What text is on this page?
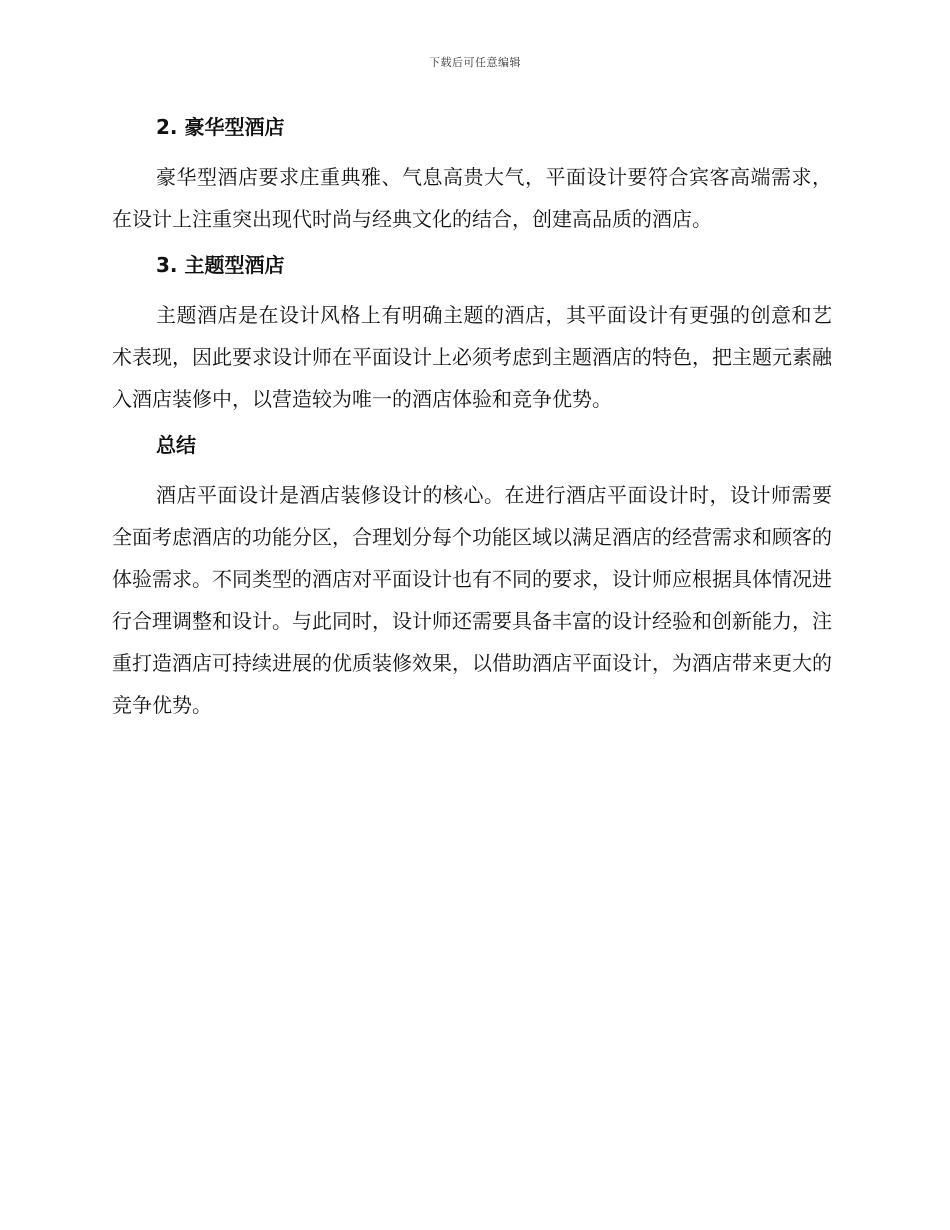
下载后可任意编辑
2. 豪华型酒店

豪华型酒店要求庄重典雅、气息高贵大气，平面设计要符合宾客高端需求，在设计上注重突出现代时尚与经典文化的结合，创建高品质的酒店。

3. 主题型酒店

主题酒店是在设计风格上有明确主题的酒店，其平面设计有更强的创意和艺术表现，因此要求设计师在平面设计上必须考虑到主题酒店的特色，把主题元素融入酒店装修中，以营造较为唯一的酒店体验和竞争优势。

总结

酒店平面设计是酒店装修设计的核心。在进行酒店平面设计时，设计师需要全面考虑酒店的功能分区，合理划分每个功能区域以满足酒店的经营需求和顾客的体验需求。不同类型的酒店对平面设计也有不同的要求，设计师应根据具体情况进行合理调整和设计。与此同时，设计师还需要具备丰富的设计经验和创新能力，注重打造酒店可持续进展的优质装修效果，以借助酒店平面设计，为酒店带来更大的竞争优势。
